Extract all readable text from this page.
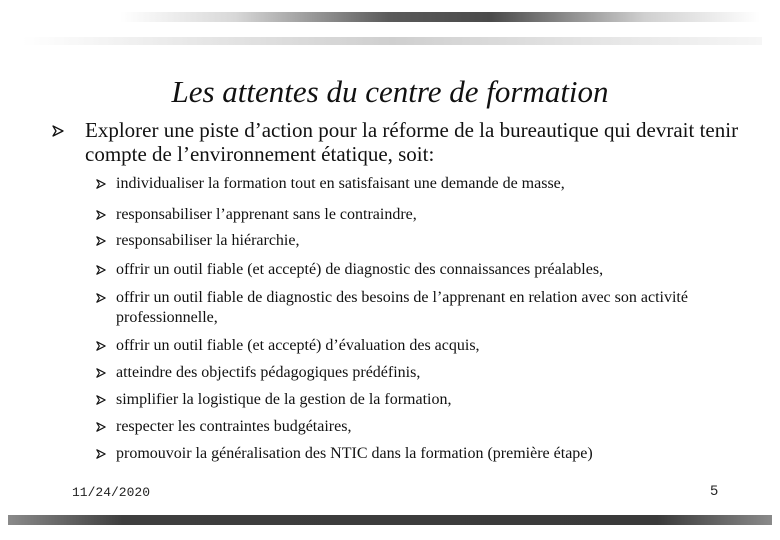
Les attentes du centre de formation
Explorer une piste d’action pour la réforme de la bureautique qui devrait tenir compte de l’environnement étatique, soit:
individualiser la formation tout en satisfaisant une demande de masse,
responsabiliser l’apprenant sans le contraindre,
responsabiliser la hiérarchie,
offrir un outil fiable (et accepté) de diagnostic des connaissances préalables,
offrir un outil fiable de diagnostic des besoins de l’apprenant en relation avec son activité professionnelle,
offrir un outil fiable (et accepté) d’évaluation des acquis,
atteindre des objectifs pédagogiques prédéfinis,
simplifier la logistique de la gestion de la formation,
respecter les contraintes budgétaires,
promouvoir la généralisation des NTIC dans la formation (première étape)
11/24/2020	5
